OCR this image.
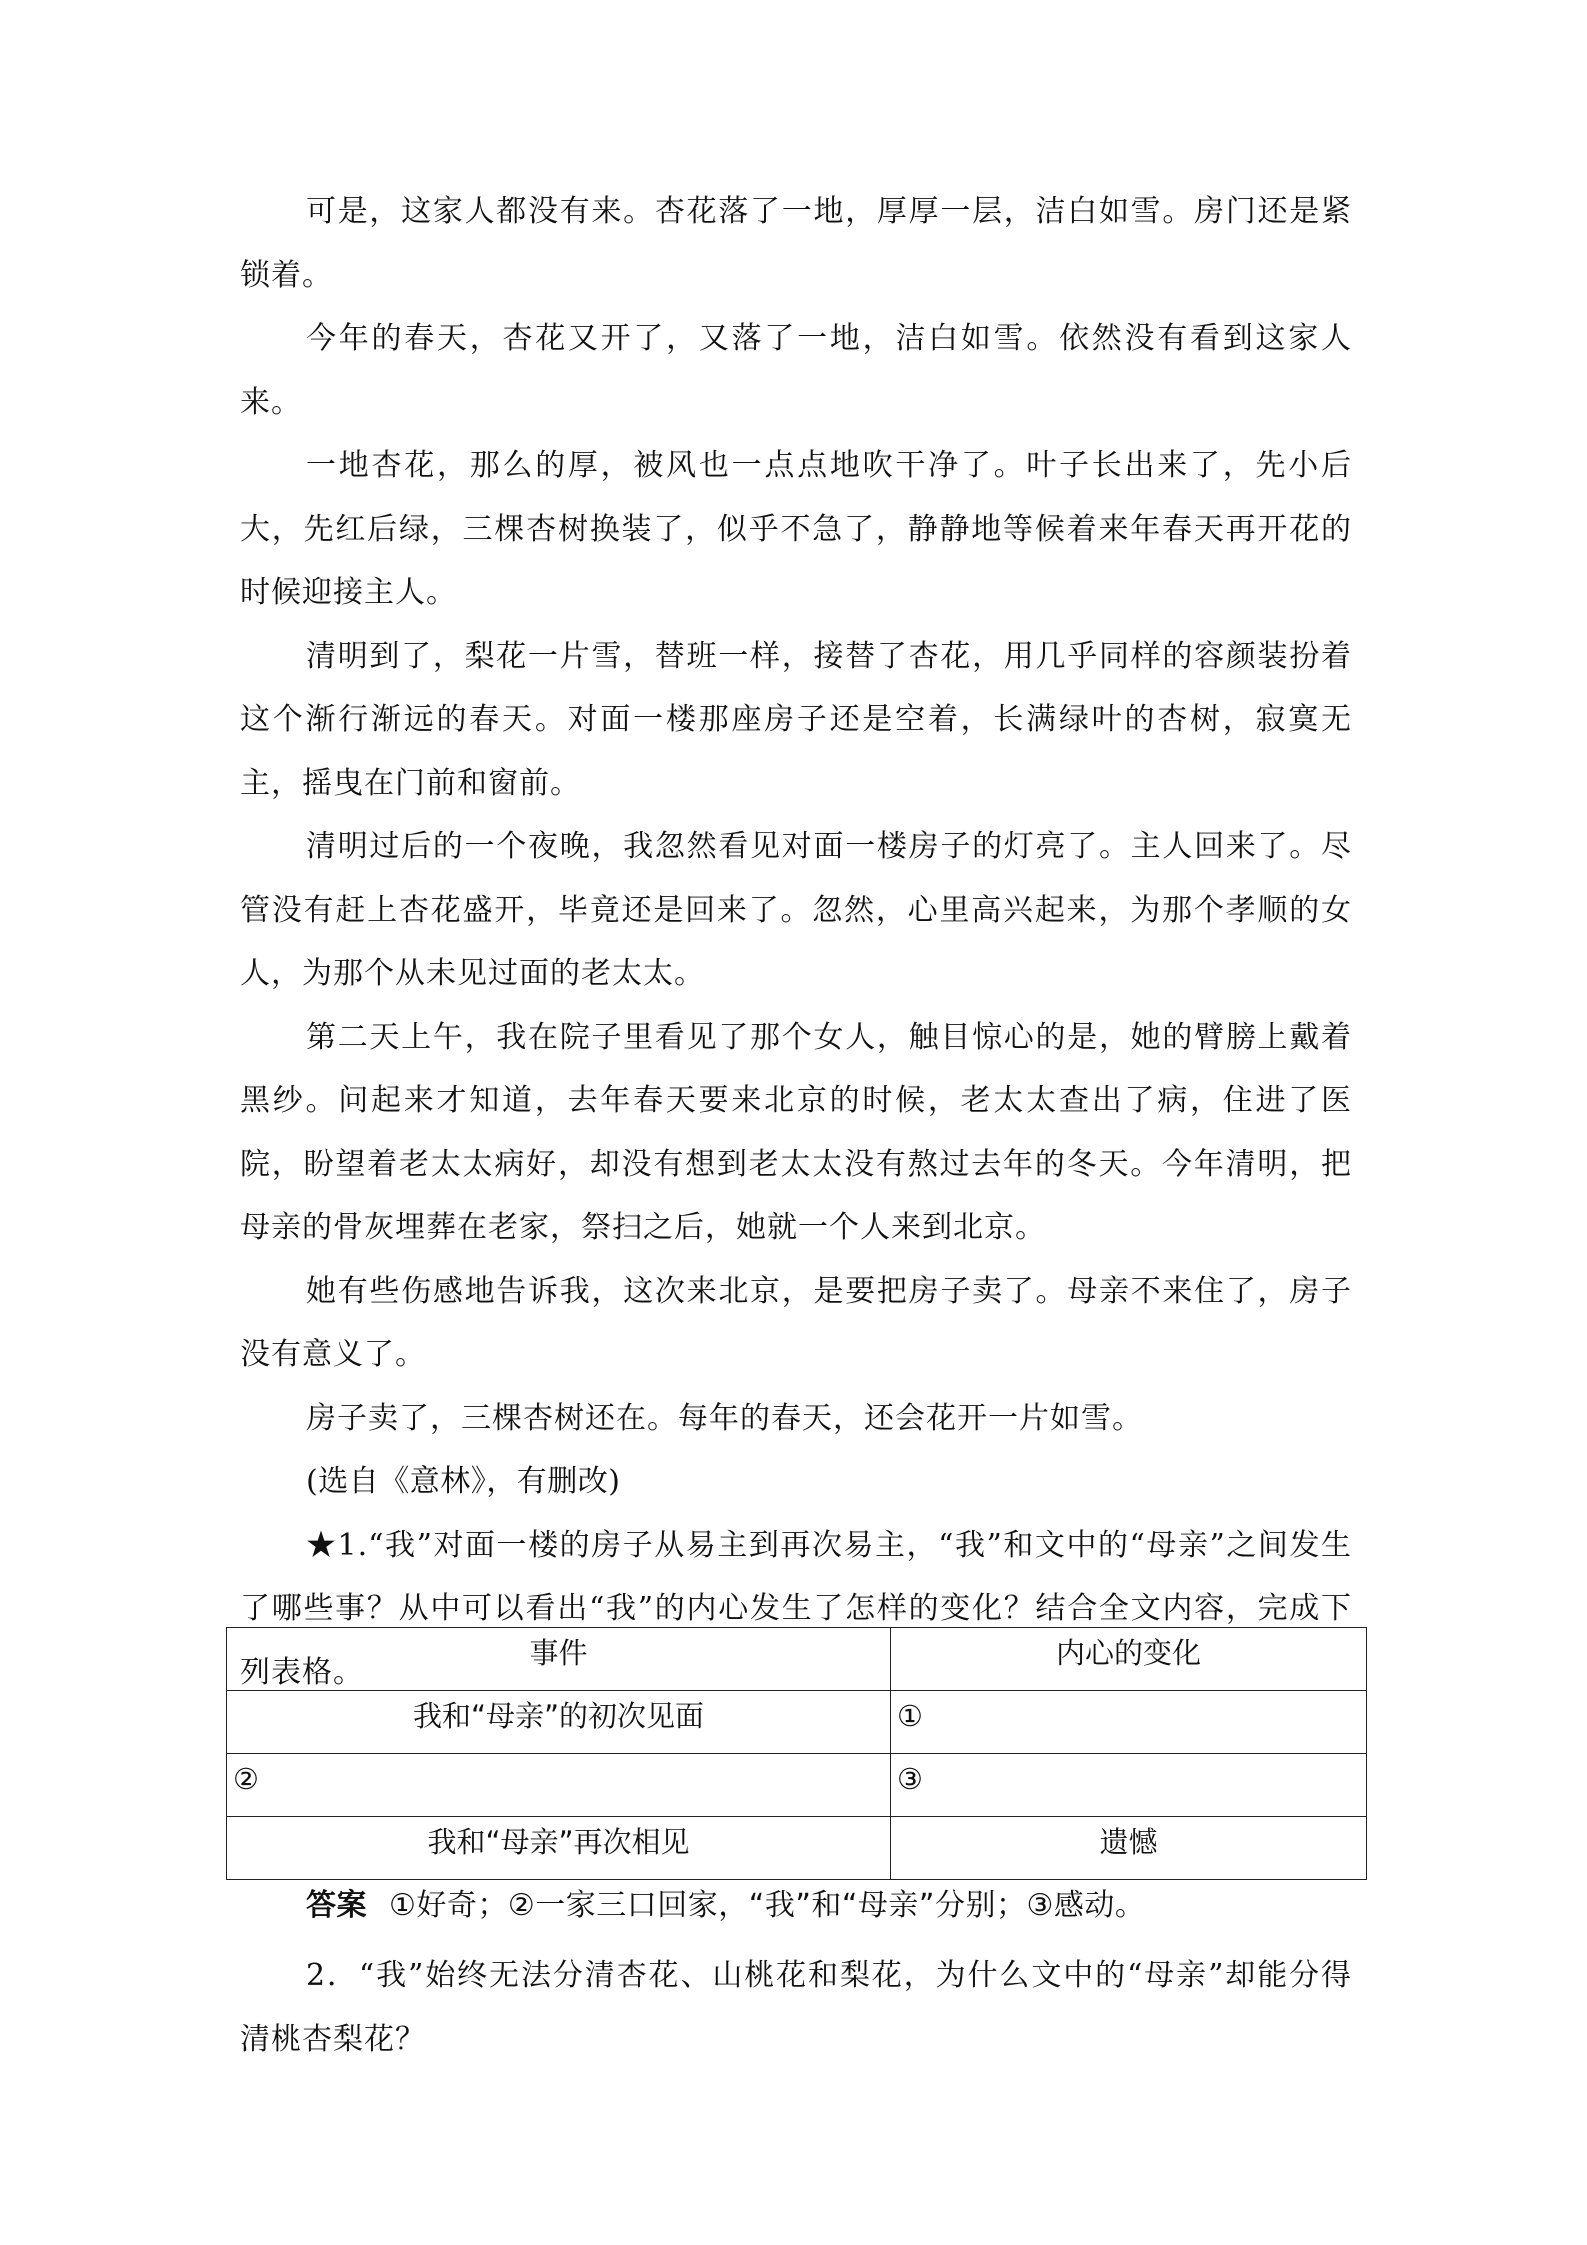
可是，这家人都没有来。杏花落了一地，厚厚一层，洁白如雪。房门还是紧锁着。

今年的春天，杏花又开了，又落了一地，洁白如雪。依然没有看到这家人来。

一地杏花，那么的厚，被风也一点点地吹干净了。叶子长出来了，先小后大，先红后绿，三棵杏树换装了，似乎不急了，静静地等候着来年春天再开花的时候迎接主人。

清明到了，梨花一片雪，替班一样，接替了杏花，用几乎同样的容颜装扮着这个渐行渐远的春天。对面一楼那座房子还是空着，长满绿叶的杏树，寂寞无主，摇曳在门前和窗前。

清明过后的一个夜晚，我忽然看见对面一楼房子的灯亮了。主人回来了。尽管没有赶上杏花盛开，毕竟还是回来了。忽然，心里高兴起来，为那个孝顺的女人，为那个从未见过面的老太太。

第二天上午，我在院子里看见了那个女人，触目惊心的是，她的臂膀上戴着黑纱。问起来才知道，去年春天要来北京的时候，老太太查出了病，住进了医院，盼望着老太太病好，却没有想到老太太没有熬过去年的冬天。今年清明，把母亲的骨灰埋葬在老家，祭扫之后，她就一个人来到北京。

她有些伤感地告诉我，这次来北京，是要把房子卖了。母亲不来住了，房子没有意义了。

房子卖了，三棵杏树还在。每年的春天，还会花开一片如雪。

(选自《意林》，有删改)

★1.“我”对面一楼的房子从易主到再次易主，“我”和文中的“母亲”之间发生了哪些事？从中可以看出“我”的内心发生了怎样的变化？结合全文内容，完成下列表格。

事件	内心的变化
我和“母亲”的初次见面	①
②	③
我和“母亲”再次相见	遗憾
答案 ①好奇；②一家三口回家，“我”和“母亲”分别；③感动。

2．“我”始终无法分清杏花、山桃花和梨花，为什么文中的“母亲”却能分得清桃杏梨花？
